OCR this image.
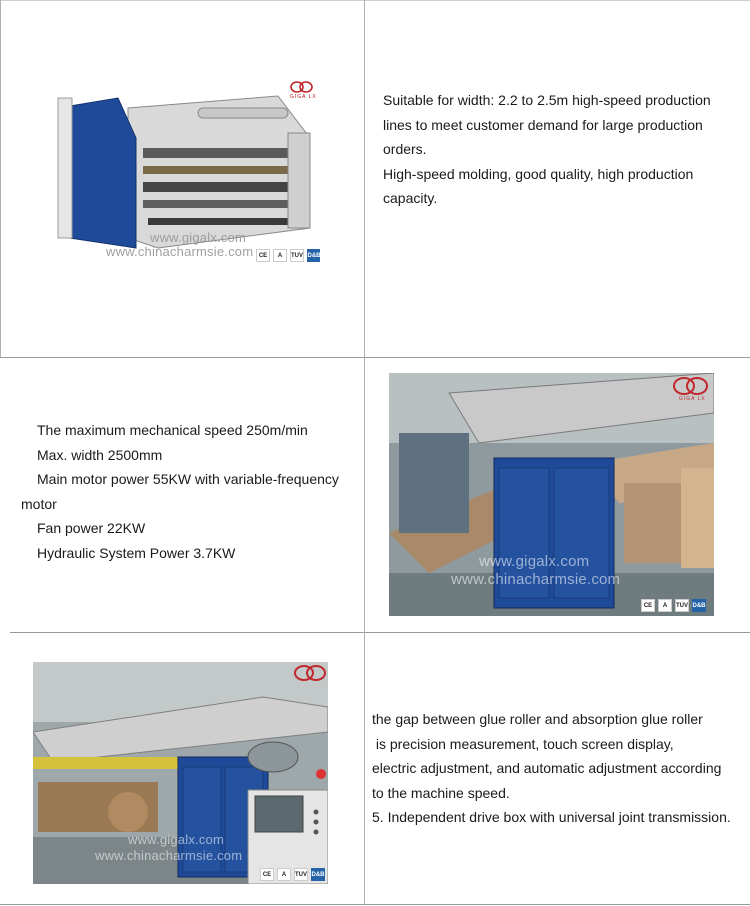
GIGA LX
www.gigalx.com
www.chinacharmsie.com CE	A	TUV D&B

Suitable for width: 2.2 to 2.5m high-speed production

lines to meet customer demand for large production

orders.

High-speed molding, good quality, high production

capacity.

The maximum mechanical speed 250m/min

Max. width 2500mm

Main motor power 55KW with variable-frequency

motor

Fan power 22KW

Hydraulic System Power 3.7KW

GIGA LX
www.gigalx.com
www.chinacharmsie.com
CE	A	TUV D&B
www.gigalx.com
www.chinacharmsie.com
CE	A	TUV D&B

the gap between glue roller and absorption glue roller

is precision measurement, touch screen display,

electric adjustment, and automatic adjustment according

to the machine speed.

5. Independent drive box with universal joint transmission.
